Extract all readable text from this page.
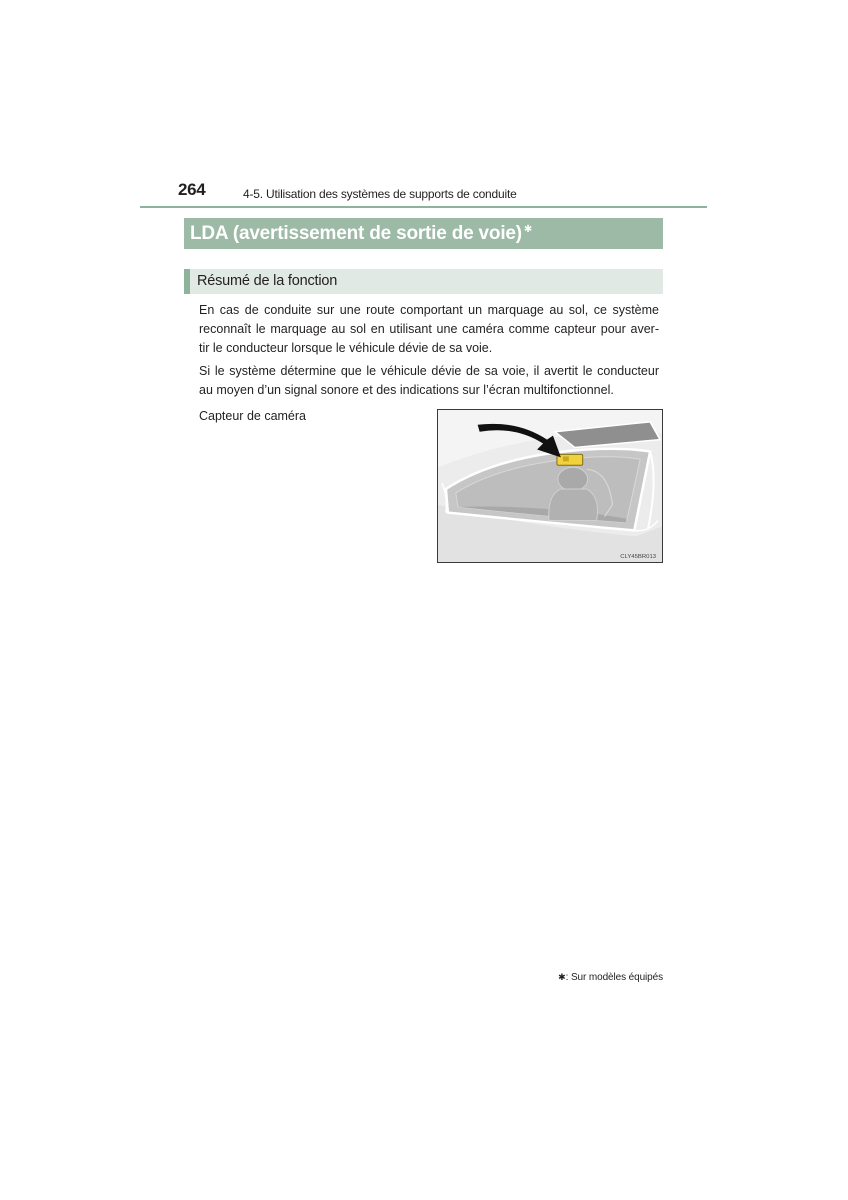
264	4-5. Utilisation des systèmes de supports de conduite
LDA (avertissement de sortie de voie) ✱
Résumé de la fonction
En cas de conduite sur une route comportant un marquage au sol, ce système
reconnaît le marquage au sol en utilisant une caméra comme capteur pour aver-
tir le conducteur lorsque le véhicule dévie de sa voie.
Si le système détermine que le véhicule dévie de sa voie, il avertit le conducteur
au moyen d’un signal sonore et des indications sur l’écran multifonctionnel.
Capteur de caméra
CLY45BR013
✱: Sur modèles équipés
